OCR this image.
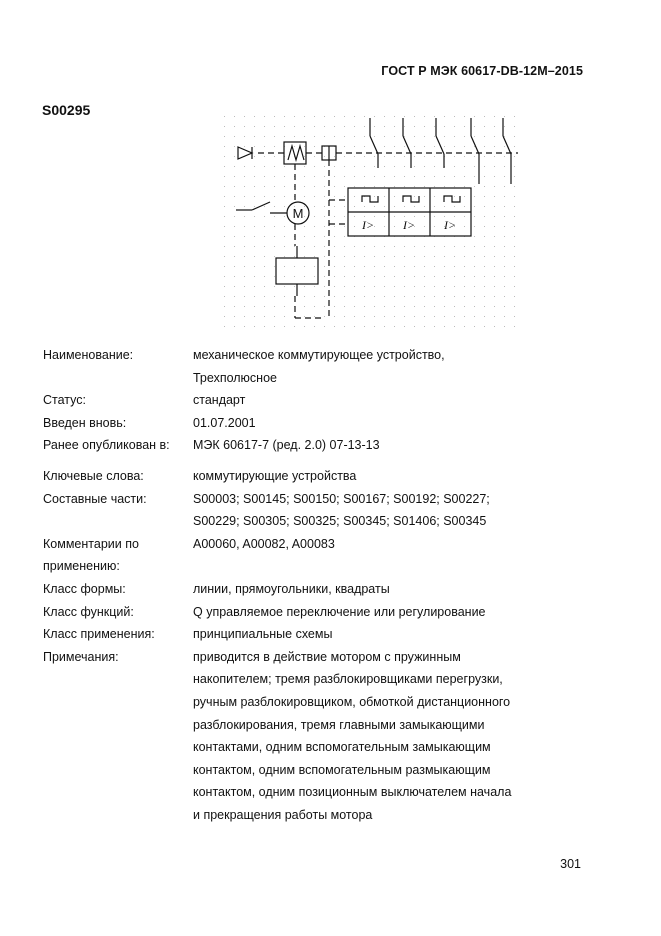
ГОСТ Р МЭК 60617-DB-12M–2015
S00295
M
I> I> I>
Наименование:	механическое коммутирующее устройство,
Трехполюсное
Статус:	стандарт
Введен вновь:	01.07.2001
Ранее опубликован в:	МЭК 60617-7 (ред. 2.0) 07-13-13
Ключевые слова:	коммутирующие устройства
Составные части:	S00003; S00145; S00150; S00167; S00192; S00227;
S00229; S00305; S00325; S00345; S01406; S00345
Комментарии по
применению:
A00060, A00082, A00083
Класс формы:	линии, прямоугольники, квадраты
Класс функций:	Q управляемое переключение или регулирование
Класс применения:	принципиальные схемы
Примечания:	приводится в действие мотором с пружинным
накопителем; тремя разблокировщиками перегрузки,
ручным разблокировщиком, обмоткой дистанционного
разблокирования, тремя главными замыкающими
контактами, одним вспомогательным замыкающим
контактом, одним вспомогательным размыкающим
контактом, одним позиционным выключателем начала
и прекращения работы мотора
301
